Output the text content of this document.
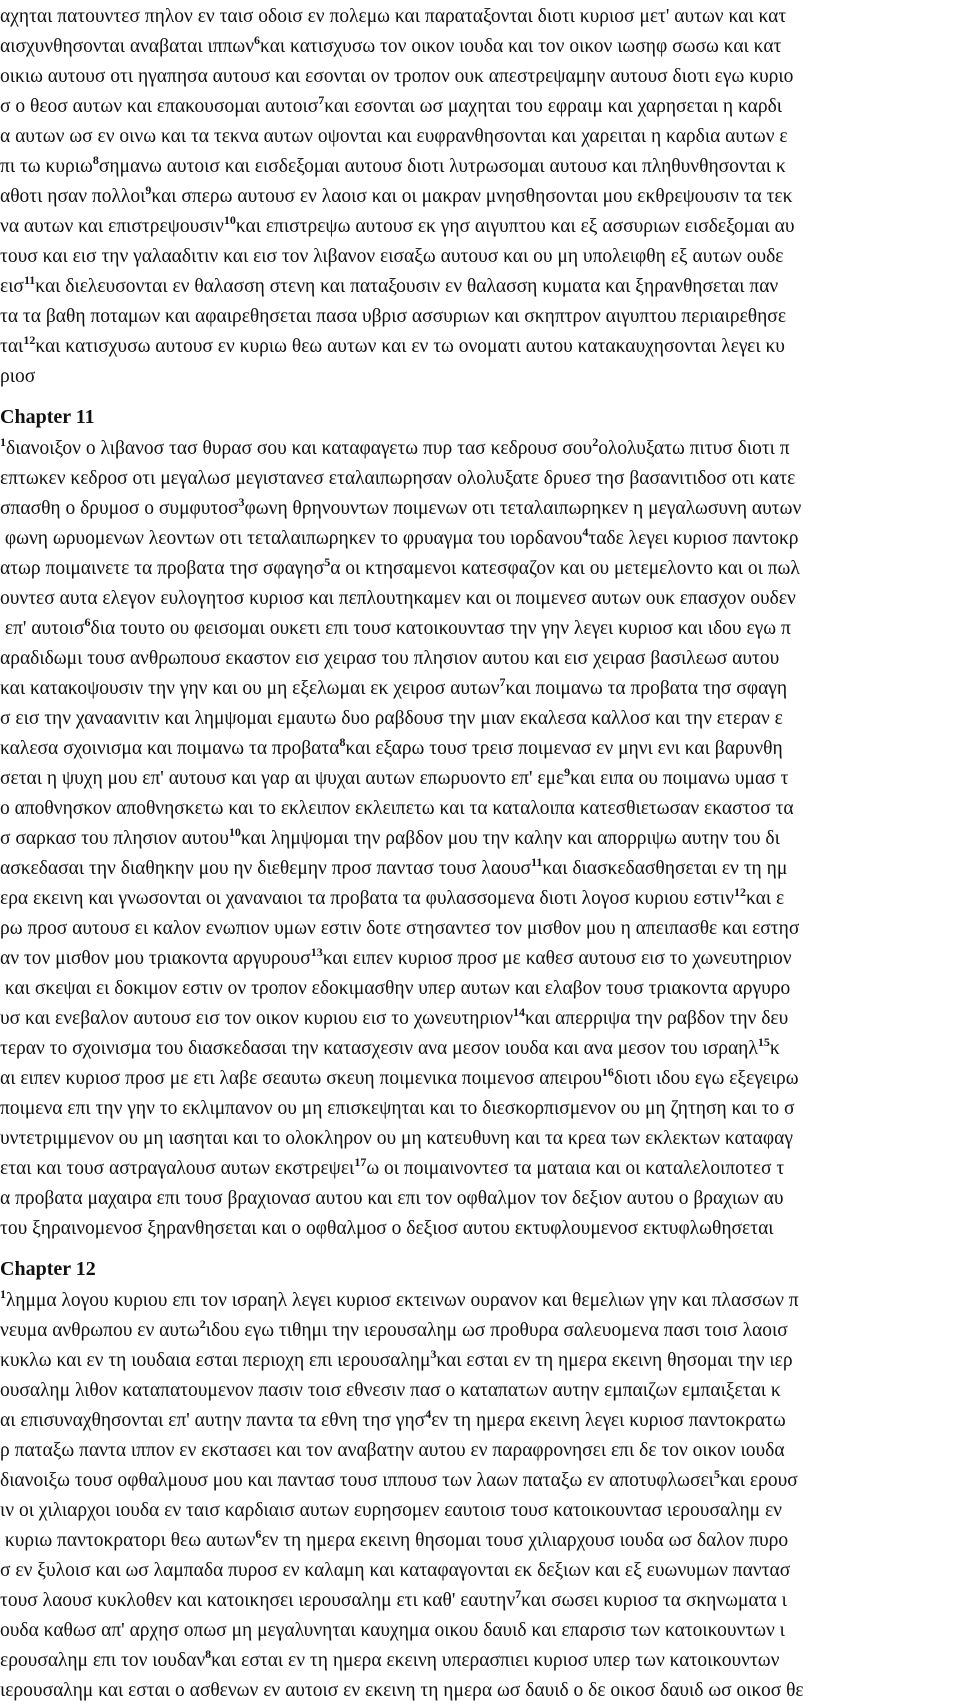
αχηται πατουντεσ πηλον εν ταισ οδοισ εν πολεμω και παραταξονται διοτι κυριοσ μετ' αυτων και κατ
αισχυνθησονται αναβαται ιππων$^6$και κατισχυσω τον οικον ιουδα και τον οικον ιωσηφ σωσω και κατ
οικιω αυτουσ οτι ηγαπησα αυτουσ και εσονται ον τροπον ουκ απεστρεψαμην αυτουσ διοτι εγω κυριο
σ ο θεοσ αυτων και επακουσομαι αυτοισ$^7$και εσονται ωσ μαχηται του εφραιμ και χαρησεται η καρδι
α αυτων ωσ εν οινω και τα τεκνα αυτων οψονται και ευφρανθησονται και χαρειται η καρδια αυτων ε
πι τω κυριω$^8$σημανω αυτοισ και εισδεξομαι αυτουσ διοτι λυτρωσομαι αυτουσ και πληθυνθησονται κ
αθοτι ησαν πολλοι$^9$και σπερω αυτουσ εν λαοισ και οι μακραν μνησθησονται μου εκθρεψουσιν τα τεκ
να αυτων και επιστρεψουσιν$^{10}$και επιστρεψω αυτουσ εκ γησ αιγυπτου και εξ ασσυριων εισδεξομαι αυ
τουσ και εισ την γαλααδιτιν και εισ τον λιβανον εισαξω αυτουσ και ου μη υπολειφθη εξ αυτων ουδε
εισ$^{11}$και διελευσονται εν θαλασση στενη και παταξουσιν εν θαλασση κυματα και ξηρανθησεται παν
τα τα βαθη ποταμων και αφαιρεθησεται πασα υβρισ ασσυριων και σκηπτρον αιγυπτου περιαιρεθησε
ται$^{12}$και κατισχυσω αυτουσ εν κυριω θεω αυτων και εν τω ονοματι αυτου κατακαυχησονται λεγει κυ
ριοσ
Chapter 11
$^1$διανοιξον ο λιβανοσ τασ θυρασ σου και καταφαγετω πυρ τασ κεδρουσ σου$^2$ολολυξατω πιτυσ διοτι π
επτωκεν κεδροσ οτι μεγαλωσ μεγιστανεσ εταλαιπωρησαν ολολυξατε δρυεσ τησ βασανιτιδοσ οτι κατε
σπασθη ο δρυμοσ ο συμφυτοσ$^3$φωνη θρηνουντων ποιμενων οτι τεταλαιπωρηκεν η μεγαλωσυνη αυτων
φωνη ωρυομενων λεοντων οτι τεταλαιπωρηκεν το φρυαγμα του ιορδανου$^4$ταδε λεγει κυριοσ παντοκρ
ατωρ ποιμαινετε τα προβατα τησ σφαγησ$^5$α οι κτησαμενοι κατεσφαζον και ου μετεμελοντο και οι πωλ
ουντεσ αυτα ελεγον ευλογητοσ κυριοσ και πεπλουτηκαμεν και οι ποιμενεσ αυτων ουκ επασχον ουδεν
επ' αυτοισ$^6$δια τουτο ου φεισομαι ουκετι επι τουσ κατοικουντασ την γην λεγει κυριοσ και ιδου εγω π
αραδιδωμι τουσ ανθρωπουσ εκαστον εισ χειρασ του πλησιον αυτου και εισ χειρασ βασιλεωσ αυτου
και κατακοψουσιν την γην και ου μη εξελωμαι εκ χειροσ αυτων$^7$και ποιμανω τα προβατα τησ σφαγη
σ εισ την χαναανιτιν και λημψομαι εμαυτω δυο ραβδουσ την μιαν εκαλεσα καλλοσ και την ετεραν ε
καλεσα σχοινισμα και ποιμανω τα προβατα$^8$και εξαρω τουσ τρεισ ποιμενασ εν μηνι ενι και βαρυνθη
σεται η ψυχη μου επ' αυτουσ και γαρ αι ψυχαι αυτων επωρυοντο επ' εμε$^9$και ειπα ου ποιμανω υμασ τ
ο αποθνησκον αποθνησκετω και το εκλειπον εκλειπετω και τα καταλοιπα κατεσθιετωσαν εκαστοσ τα
σ σαρκασ του πλησιον αυτου$^{10}$και λημψομαι την ραβδον μου την καλην και απορριψω αυτην του δι
ασκεδασαι την διαθηκην μου ην διεθεμην προσ παντασ τουσ λαουσ$^{11}$και διασκεδασθησεται εν τη ημ
ερα εκεινη και γνωσονται οι χαναναιοι τα προβατα τα φυλασσομενα διοτι λογοσ κυριου εστιν$^{12}$και ε
ρω προσ αυτουσ ει καλον ενωπιον υμων εστιν δοτε στησαντεσ τον μισθον μου η απειπασθε και εστησ
αν τον μισθον μου τριακοντα αργυρουσ$^{13}$και ειπεν κυριοσ προσ με καθεσ αυτουσ εισ το χωνευτηριον
και σκεψαι ει δοκιμον εστιν ον τροπον εδοκιμασθην υπερ αυτων και ελαβον τουσ τριακοντα αργυρο
υσ και ενεβαλον αυτουσ εισ τον οικον κυριου εισ το χωνευτηριον$^{14}$και απερριψα την ραβδον την δευ
τεραν το σχοινισμα του διασκεδασαι την κατασχεσιν ανα μεσον ιουδα και ανα μεσον του ισραηλ$^{15}$κ
αι ειπεν κυριοσ προσ με ετι λαβε σεαυτω σκευη ποιμενικα ποιμενοσ απειρου$^{16}$διοτι ιδου εγω εξεγειρω
ποιμενα επι την γην το εκλιμπανον ου μη επισκεψηται και το διεσκορπισμενον ου μη ζητηση και το σ
υντετριμμενον ου μη ιασηται και το ολοκληρον ου μη κατευθυνη και τα κρεα των εκλεκτων καταφαγ
εται και τουσ αστραγαλουσ αυτων εκστρεψει$^{17}$ω οι ποιμαινοντεσ τα ματαια και οι καταλελοιποτεσ τ
α προβατα μαχαιρα επι τουσ βραχιονασ αυτου και επι τον οφθαλμον τον δεξιον αυτου ο βραχιων αυ
του ξηραινομενοσ ξηρανθησεται και ο οφθαλμοσ ο δεξιοσ αυτου εκτυφλουμενοσ εκτυφλωθησεται
Chapter 12
$^1$λημμα λογου κυριου επι τον ισραηλ λεγει κυριοσ εκτεινων ουρανον και θεμελιων γην και πλασσων π
νευμα ανθρωπου εν αυτω$^2$ιδου εγω τιθημι την ιερουσαλημ ωσ προθυρα σαλευομενα πασι τοισ λαοισ
κυκλω και εν τη ιουδαια εσται περιοχη επι ιερουσαλημ$^3$και εσται εν τη ημερα εκεινη θησομαι την ιερ
ουσαλημ λιθον καταπατουμενον πασιν τοισ εθνεσιν πασ ο καταπατων αυτην εμπαιζων εμπαιξεται κ
αι επισυναχθησονται επ' αυτην παντα τα εθνη τησ γησ$^4$εν τη ημερα εκεινη λεγει κυριοσ παντοκρατω
ρ παταξω παντα ιππον εν εκστασει και τον αναβατην αυτου εν παραφρονησει επι δε τον οικον ιουδα
διανοιξω τουσ οφθαλμουσ μου και παντασ τουσ ιππουσ των λαων παταξω εν αποτυφλωσει$^5$και ερουσ
ιν οι χιλιαρχοι ιουδα εν ταισ καρδιαισ αυτων ευρησομεν εαυτοισ τουσ κατοικουντασ ιερουσαλημ εν
κυριω παντοκρατορι θεω αυτων$^6$εν τη ημερα εκεινη θησομαι τουσ χιλιαρχουσ ιουδα ωσ δαλον πυρο
σ εν ξυλοισ και ωσ λαμπαδα πυροσ εν καλαμη και καταφαγονται εκ δεξιων και εξ ευωνυμων παντασ
τουσ λαουσ κυκλοθεν και κατοικησει ιερουσαλημ ετι καθ' εαυτην$^7$και σωσει κυριοσ τα σκηνωματα ι
ουδα καθωσ απ' αρχησ οπωσ μη μεγαλυνηται καυχημα οικου δαυιδ και επαρσισ των κατοικουντων ι
ερουσαλημ επι τον ιουδαν$^8$και εσται εν τη ημερα εκεινη υπερασπιει κυριοσ υπερ των κατοικουντων
ιερουσαλημ και εσται ο ασθενων εν αυτοισ εν εκεινη τη ημερα ωσ δαυιδ ο δε οικοσ δαυιδ ωσ οικοσ θε
